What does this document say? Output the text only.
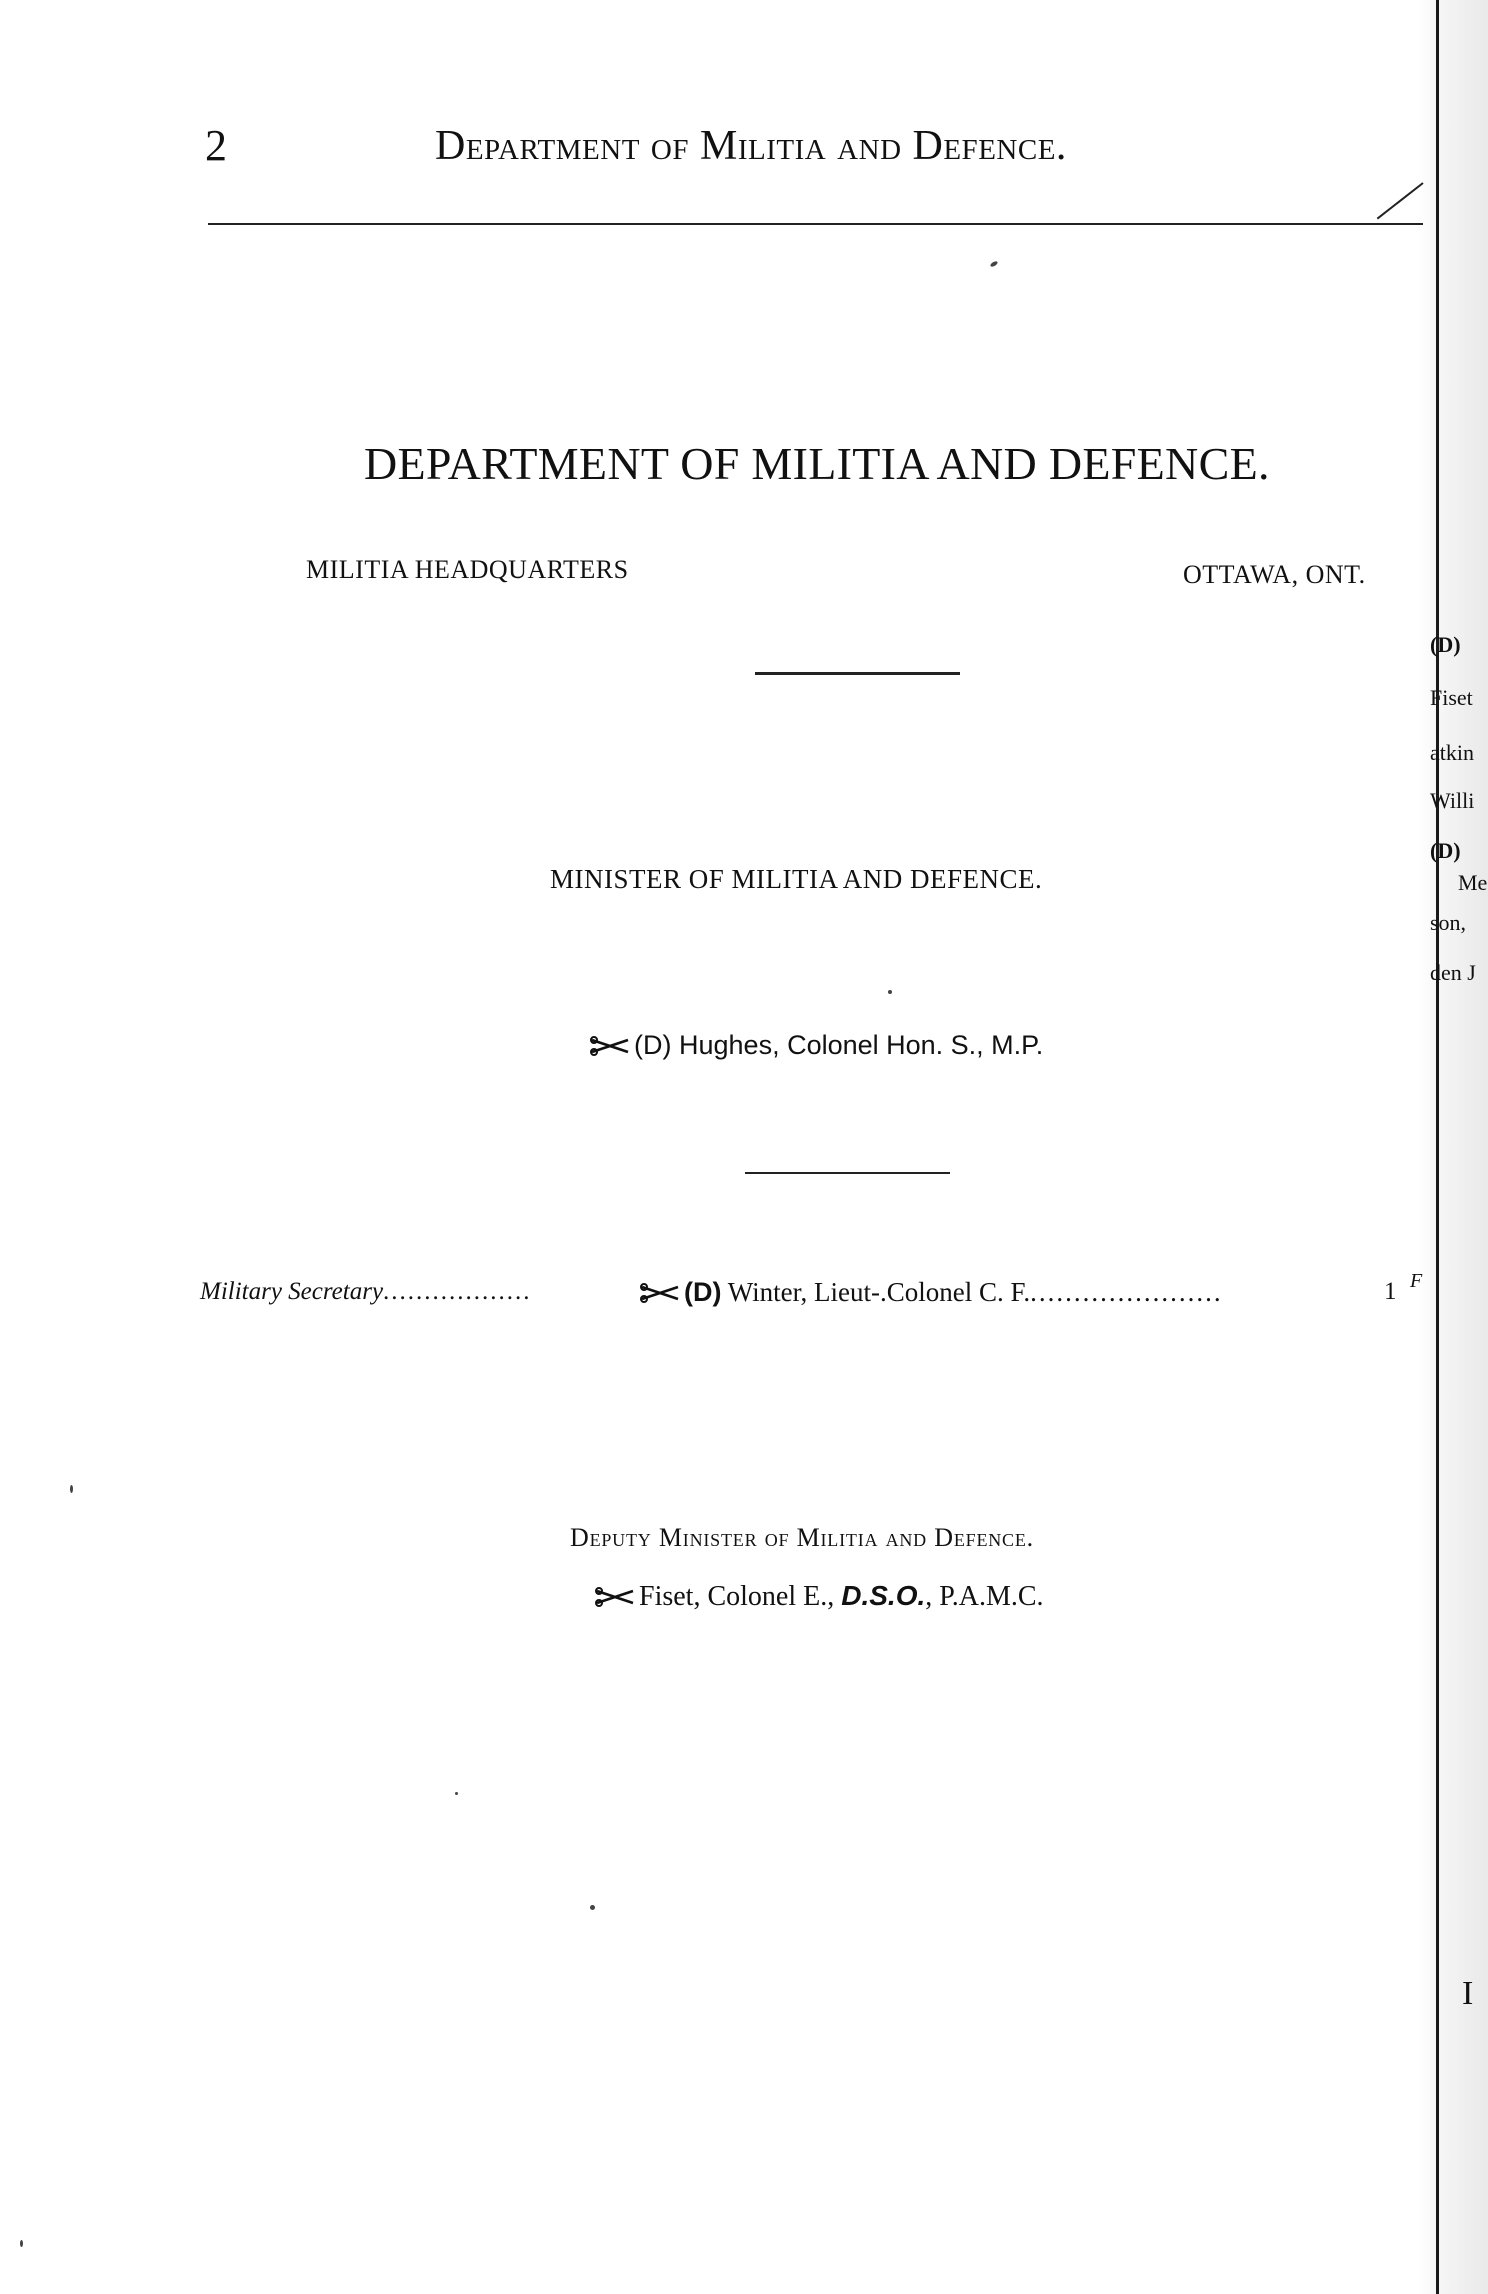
(D)
Fiset
atkin
Willi
(D)
Me
son,
den J
F
I
2	Department of Militia and Defence.
DEPARTMENT OF MILITIA AND DEFENCE.
MILITIA HEADQUARTERS	OTTAWA, ONT.
MINISTER OF MILITIA AND DEFENCE.
(D) Hughes, Colonel Hon. S., M.P.
Military Secretary..................	(D) Winter, Lieut-.Colonel C. F.......................	1
Deputy Minister of Militia and Defence.
Fiset, Colonel E., D.S.O., P.A.M.C.
